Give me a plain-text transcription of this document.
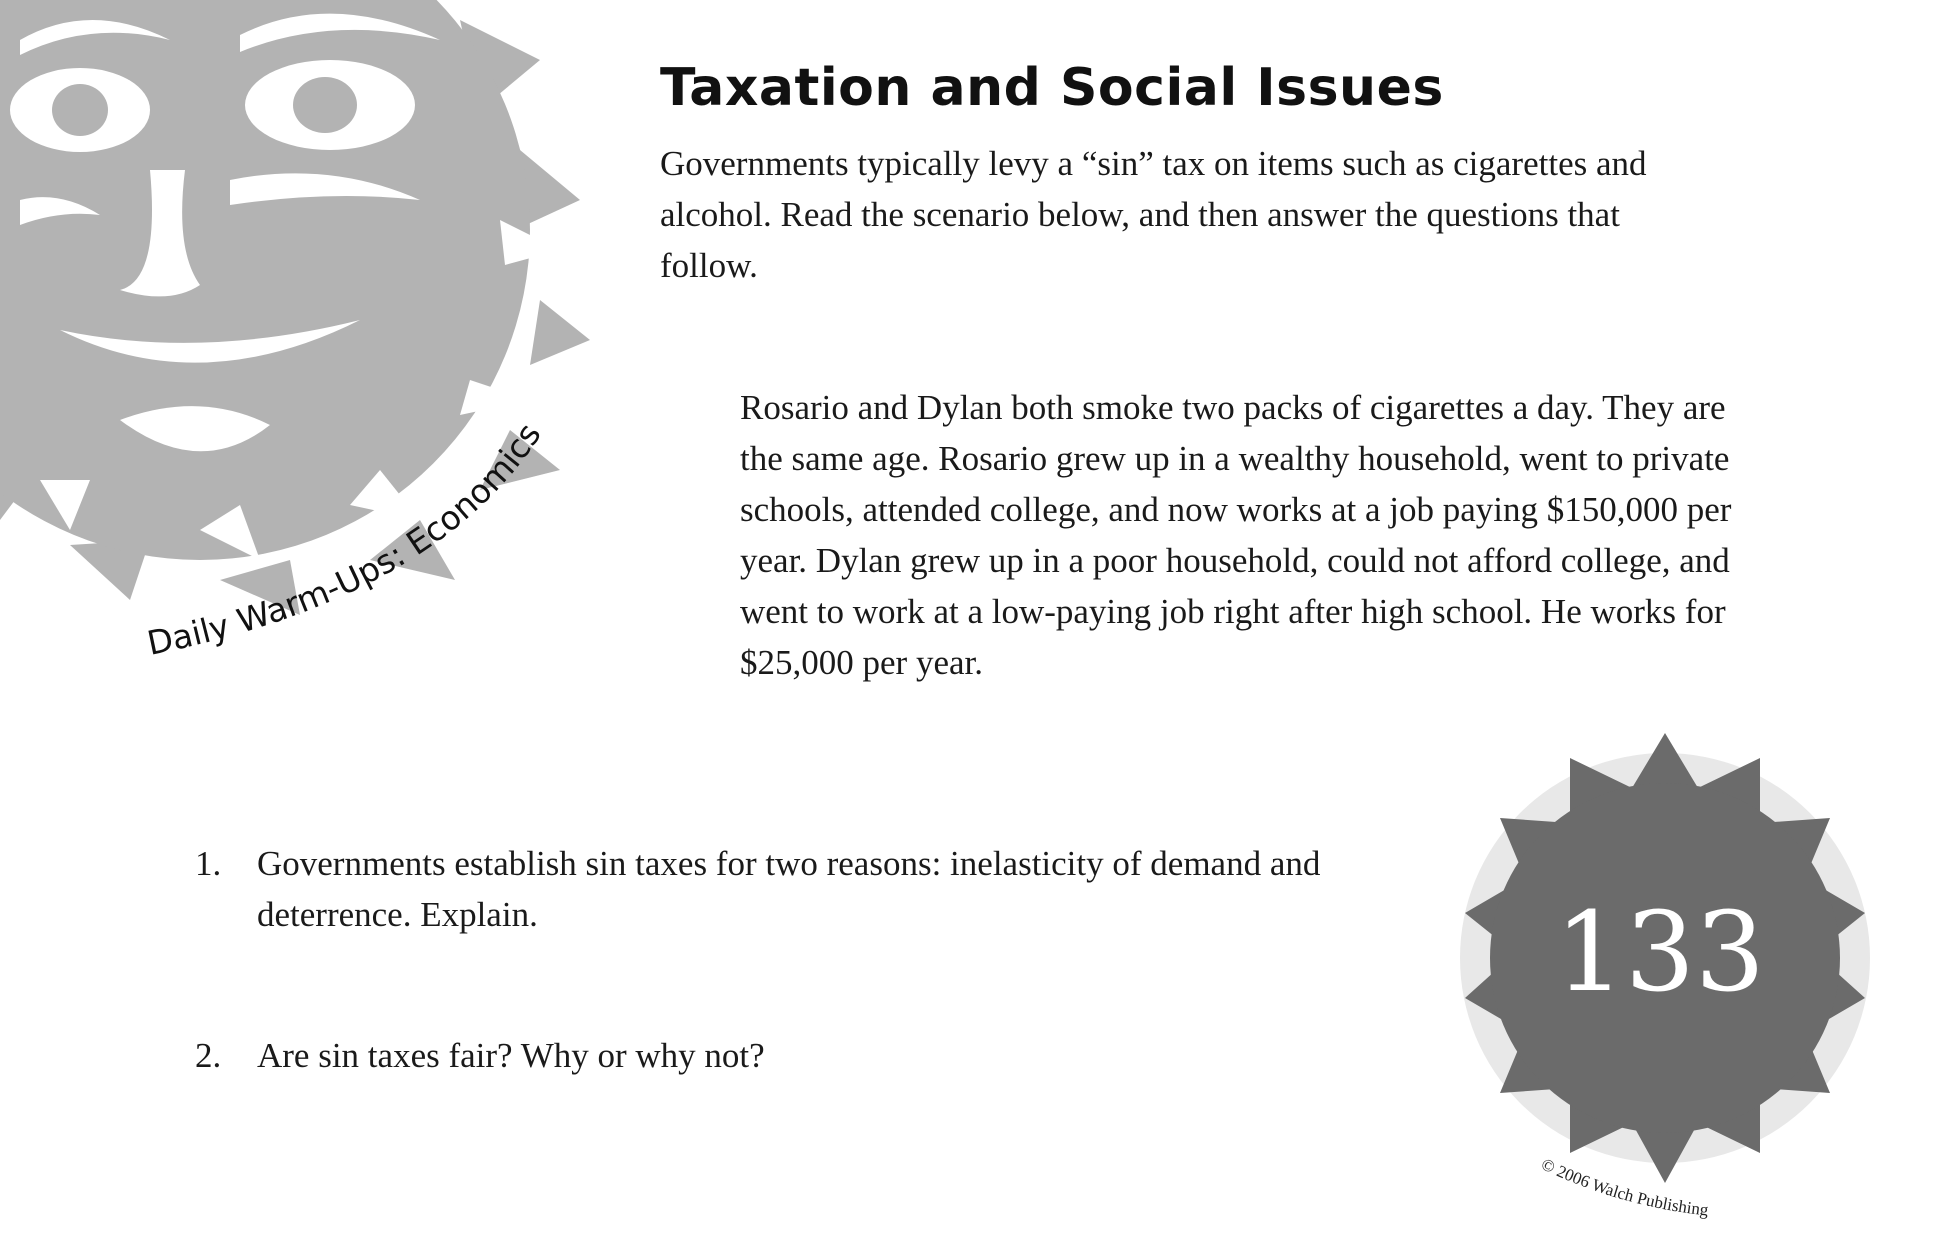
Daily Warm-Ups: Economics
133
© 2006 Walch Publishing
Taxation and Social Issues

Governments typically levy a “sin” tax on items such as cigarettes and alcohol. Read the scenario below, and then answer the questions that follow.

Rosario and Dylan both smoke two packs of cigarettes a day. They are the same age. Rosario grew up in a wealthy household, went to private schools, attended college, and now works at a job paying $150,000 per year. Dylan grew up in a poor household, could not afford college, and went to work at a low-paying job right after high school. He works for $25,000 per year.

1. Governments establish sin taxes for two reasons: inelasticity of demand and deterrence. Explain.
2. Are sin taxes fair? Why or why not?
